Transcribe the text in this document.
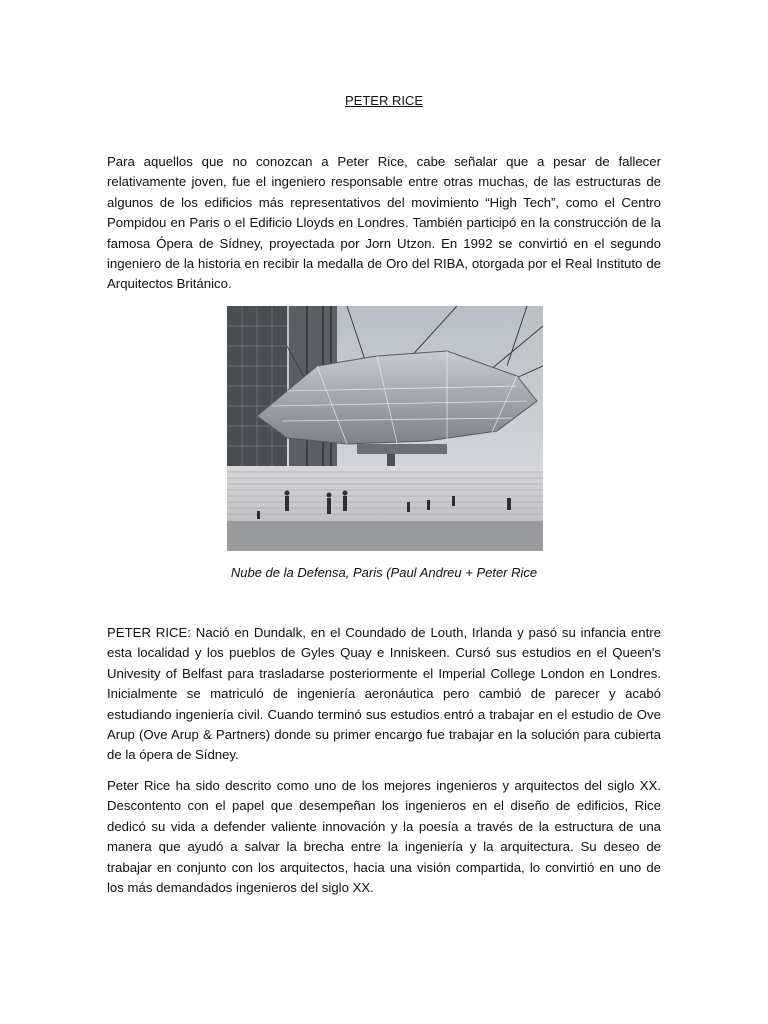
PETER RICE

Para aquellos que no conozcan a Peter Rice, cabe señalar que a pesar de fallecer relativamente joven, fue el ingeniero responsable entre otras muchas, de las estructuras de algunos de los edificios más representativos del movimiento “High Tech”, como el Centro Pompidou en Paris o el Edificio Lloyds en Londres. También participó en la construcción de la famosa Ópera de Sídney, proyectada por Jorn Utzon. En 1992 se convirtió en el segundo ingeniero de la historia en recibir la medalla de Oro del RIBA, otorgada por el Real Instituto de Arquitectos Británico.

Nube de la Defensa, Paris (Paul Andreu + Peter Rice

PETER RICE: Nació en Dundalk, en el Coundado de Louth, Irlanda y pasó su infancia entre esta localidad y los pueblos de Gyles Quay e Inniskeen. Cursó sus estudios en el Queen's Univesity of Belfast para trasladarse posteriormente el Imperial College London en Londres. Inicialmente se matriculó de ingeniería aeronáutica pero cambió de parecer y acabó estudiando ingeniería civil. Cuando terminó sus estudios entró a trabajar en el estudio de Ove Arup (Ove Arup & Partners) donde su primer encargo fue trabajar en la solución para cubierta de la ópera de Sídney.

Peter Rice ha sido descrito como uno de los mejores ingenieros y arquitectos del siglo XX. Descontento con el papel que desempeñan los ingenieros en el diseño de edificios, Rice dedicó su vida a defender valiente innovación y la poesía a través de la estructura de una manera que ayudó a salvar la brecha entre la ingeniería y la arquitectura. Su deseo de trabajar en conjunto con los arquitectos, hacia una visión compartida, lo convirtió en uno de los más demandados ingenieros del siglo XX.
